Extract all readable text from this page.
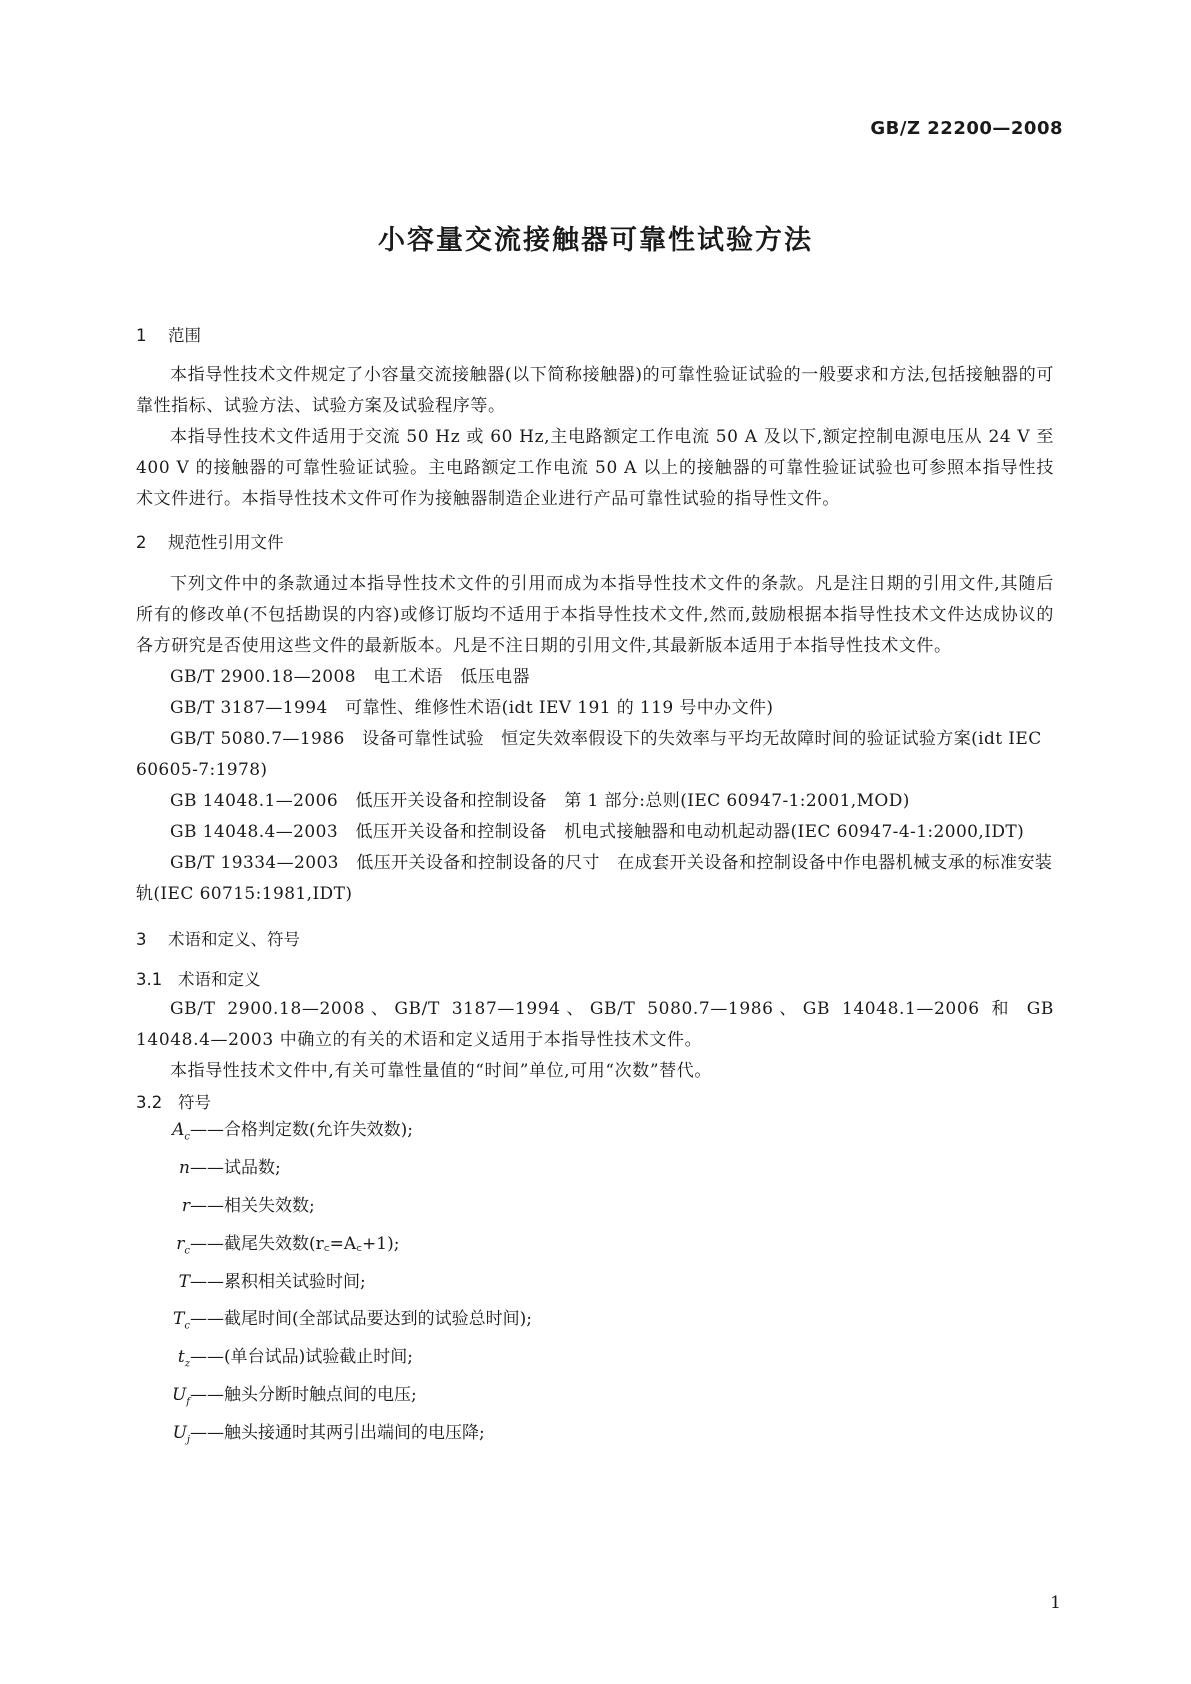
GB/Z 22200—2008
小容量交流接触器可靠性试验方法

1 范围

本指导性技术文件规定了小容量交流接触器(以下简称接触器)的可靠性验证试验的一般要求和方法,包括接触器的可靠性指标、试验方法、试验方案及试验程序等。

本指导性技术文件适用于交流 50 Hz 或 60 Hz,主电路额定工作电流 50 A 及以下,额定控制电源电压从 24 V 至 400 V 的接触器的可靠性验证试验。主电路额定工作电流 50 A 以上的接触器的可靠性验证试验也可参照本指导性技术文件进行。本指导性技术文件可作为接触器制造企业进行产品可靠性试验的指导性文件。

2 规范性引用文件

下列文件中的条款通过本指导性技术文件的引用而成为本指导性技术文件的条款。凡是注日期的引用文件,其随后所有的修改单(不包括勘误的内容)或修订版均不适用于本指导性技术文件,然而,鼓励根据本指导性技术文件达成协议的各方研究是否使用这些文件的最新版本。凡是不注日期的引用文件,其最新版本适用于本指导性技术文件。

GB/T 2900.18—2008　电工术语　低压电器

GB/T 3187—1994　可靠性、维修性术语(idt IEV 191 的 119 号中办文件)

GB/T 5080.7—1986　设备可靠性试验　恒定失效率假设下的失效率与平均无故障时间的验证试验方案(idt IEC 60605-7:1978)

GB 14048.1—2006　低压开关设备和控制设备　第 1 部分:总则(IEC 60947-1:2001,MOD)

GB 14048.4—2003　低压开关设备和控制设备　机电式接触器和电动机起动器(IEC 60947-4-1:2000,IDT)

GB/T 19334—2003　低压开关设备和控制设备的尺寸　在成套开关设备和控制设备中作电器机械支承的标准安装轨(IEC 60715:1981,IDT)

3 术语和定义、符号

3.1 术语和定义

GB/T 2900.18—2008、GB/T 3187—1994、GB/T 5080.7—1986、GB 14048.1—2006 和 GB 14048.4—2003 中确立的有关的术语和定义适用于本指导性技术文件。

本指导性技术文件中,有关可靠性量值的“时间”单位,可用“次数”替代。

3.2 符号

$A_c$ ——合格判定数(允许失效数);
n ——试品数;
r ——相关失效数;
$r_c$ ——截尾失效数(r꜀=A꜀+1);
T ——累积相关试验时间;
$T_c$ ——截尾时间(全部试品要达到的试验总时间);
$t_z$ ——(单台试品)试验截止时间;
$U_f$ ——触头分断时触点间的电压;
$U_j$ ——触头接通时其两引出端间的电压降;
1
